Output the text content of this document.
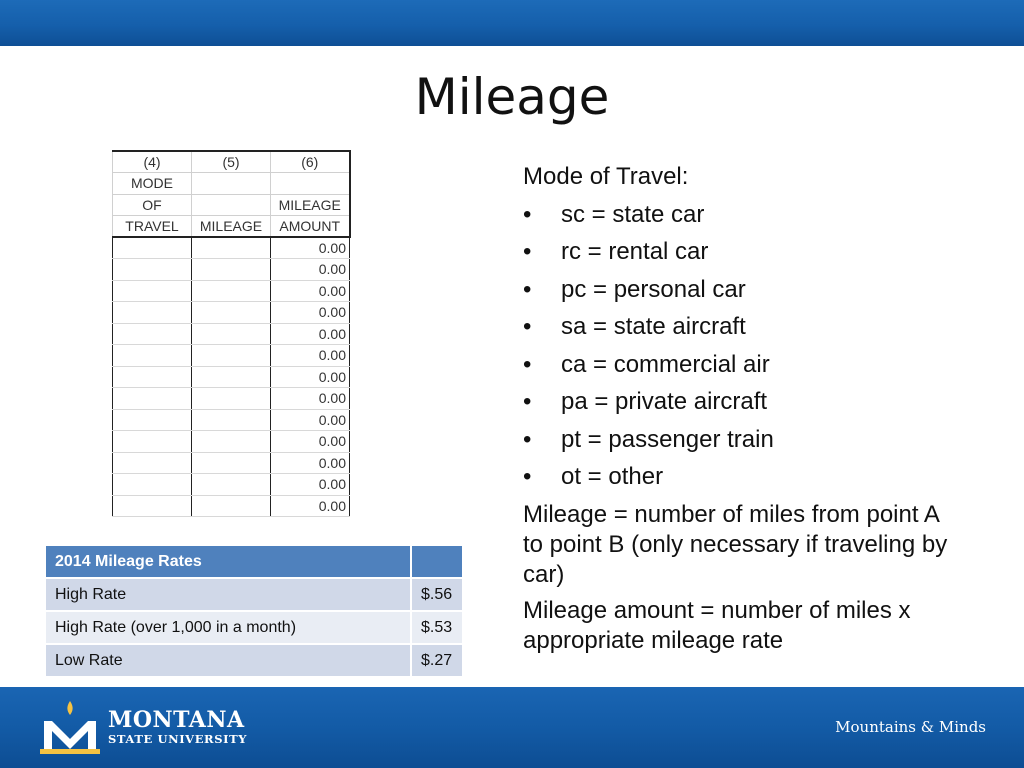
Mileage
(4)	(5)	(6)
MODE		
OF		MILEAGE
TRAVEL	MILEAGE	AMOUNT
		0.00
		0.00
		0.00
		0.00
		0.00
		0.00
		0.00
		0.00
		0.00
		0.00
		0.00
		0.00
		0.00
2014 Mileage Rates	
High Rate	$.56
High Rate (over 1,000 in a month)	$.53
Low Rate	$.27
Mode of Travel:
• sc = state car
• rc = rental car
• pc = personal car
• sa = state aircraft
• ca = commercial air
• pa = private aircraft
• pt = passenger train
• ot = other

Mileage = number of miles from point A to point B (only necessary if traveling by car)

Mileage amount = number of miles x appropriate mileage rate

MONTANA
STATE UNIVERSITY
Mountains & Minds
